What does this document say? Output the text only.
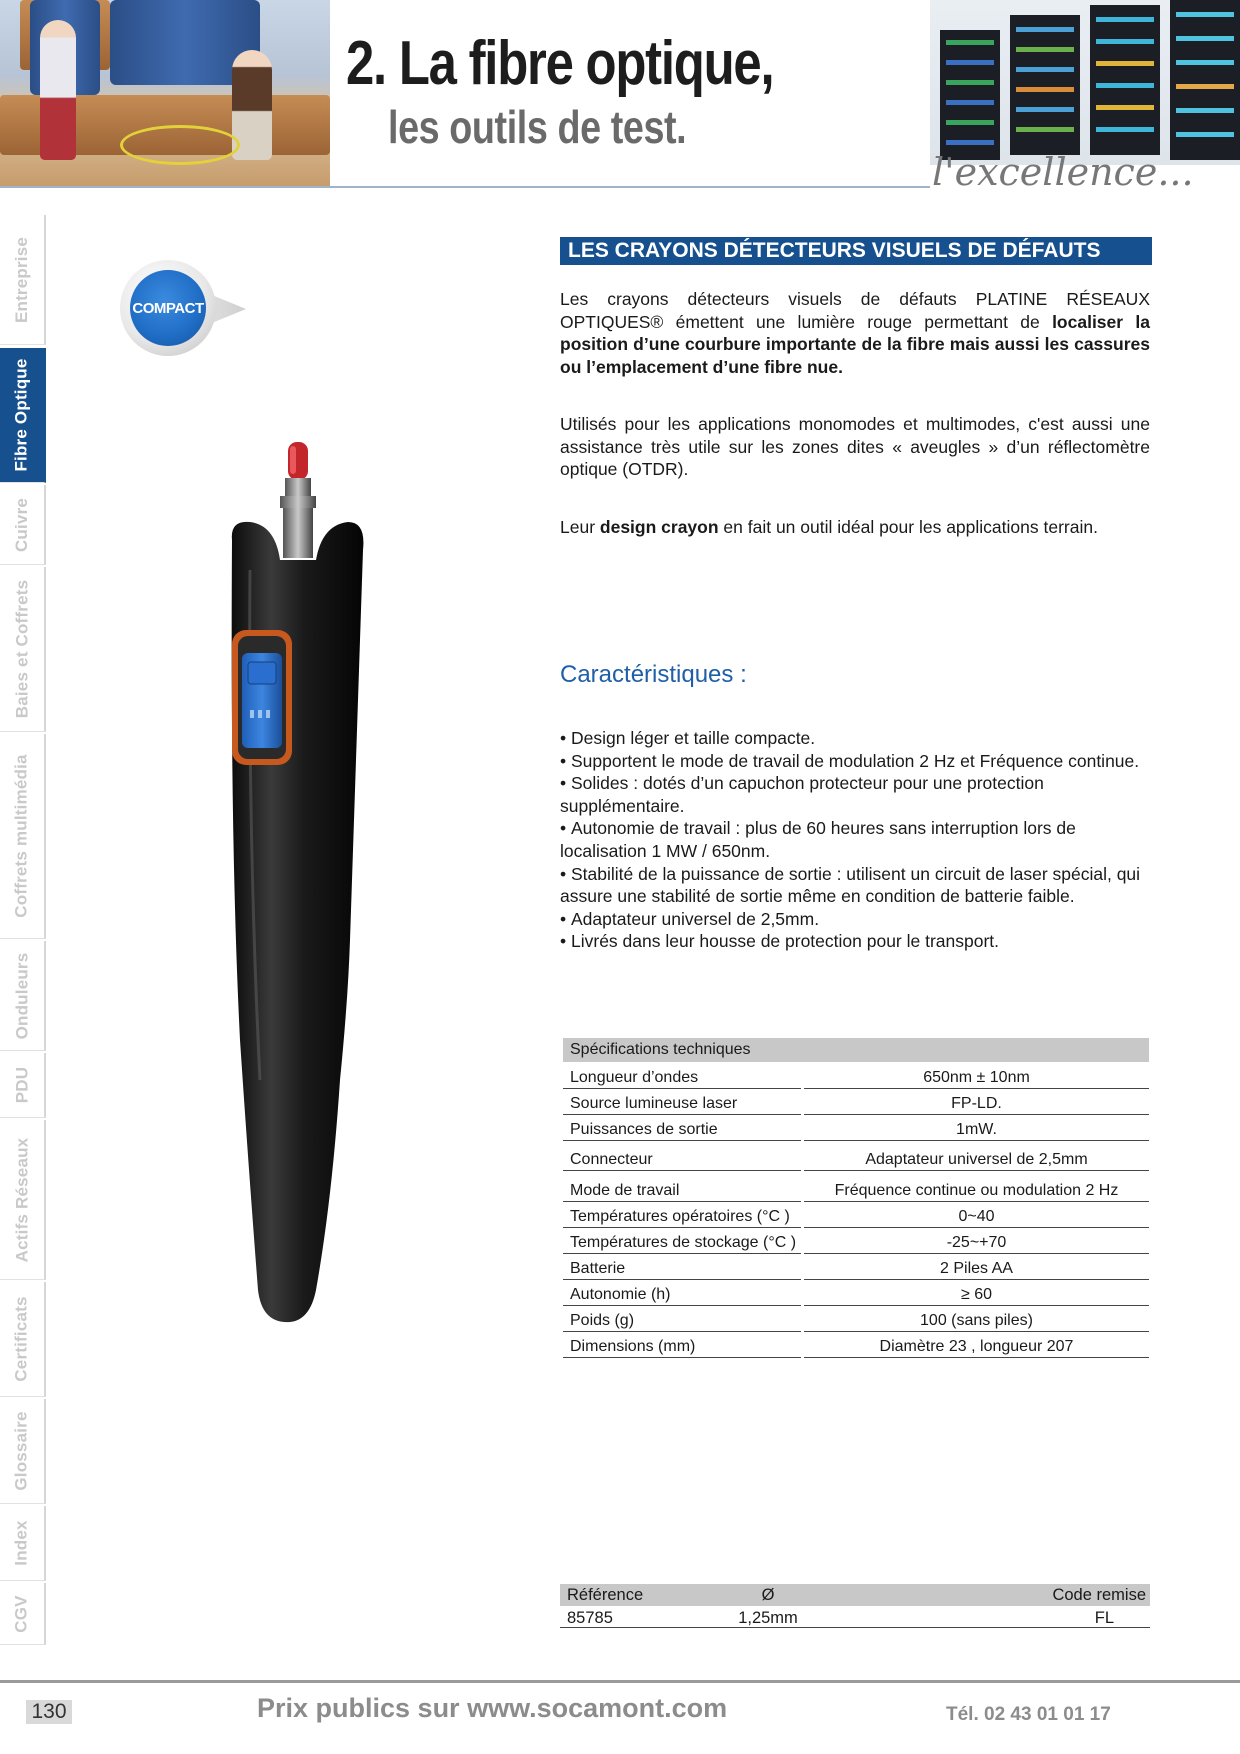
2. La fibre optique,
les outils de test.
l'excellence...
Entreprise
Fibre Optique
Cuivre
Baies et Coffrets
Coffrets multimédia
Onduleurs
PDU
Actifs Réseaux
Certificats
Glossaire
Index
CGV
COMPACT
LES CRAYONS DÉTECTEURS VISUELS DE DÉFAUTS
Les crayons détecteurs visuels de défauts PLATINE RÉSEAUX OPTIQUES® émettent une lumière rouge permettant de localiser la position d’une courbure importante de la fibre mais aussi les cassures ou l’emplacement d’une fibre nue.
Utilisés pour les applications monomodes et multimodes, c'est aussi une assistance très utile sur les zones dites « aveugles » d’un réflectomètre optique (OTDR).
Leur design crayon en fait un outil idéal pour les applications terrain.
Caractéristiques :
• Design léger et taille compacte.
• Supportent le mode de travail de modulation 2 Hz et Fréquence continue.
• Solides : dotés d’un capuchon protecteur pour une protection supplémentaire.
• Autonomie de travail : plus de 60 heures sans interruption lors de localisation 1 MW / 650nm.
• Stabilité de la puissance de sortie : utilisent un circuit de laser spécial, qui assure une stabilité de sortie même en condition de batterie faible.
• Adaptateur universel de 2,5mm.
• Livrés dans leur housse de protection pour le transport.
Spécifications techniques
Longueur d’ondes	650nm ± 10nm
Source lumineuse laser	FP-LD.
Puissances de sortie	1mW.
Connecteur	Adaptateur universel de 2,5mm
Mode de travail	Fréquence continue ou modulation 2 Hz
Températures opératoires (°C )	0~40
Températures de stockage (°C )	-25~+70
Batterie	2 Piles AA
Autonomie (h)	≥ 60
Poids (g)	100 (sans piles)
Dimensions (mm)	Diamètre 23 , longueur 207
Référence	Ø	Code remise
85785	1,25mm	FL
130	Prix publics sur www.socamont.com	Tél. 02 43 01 01 17
